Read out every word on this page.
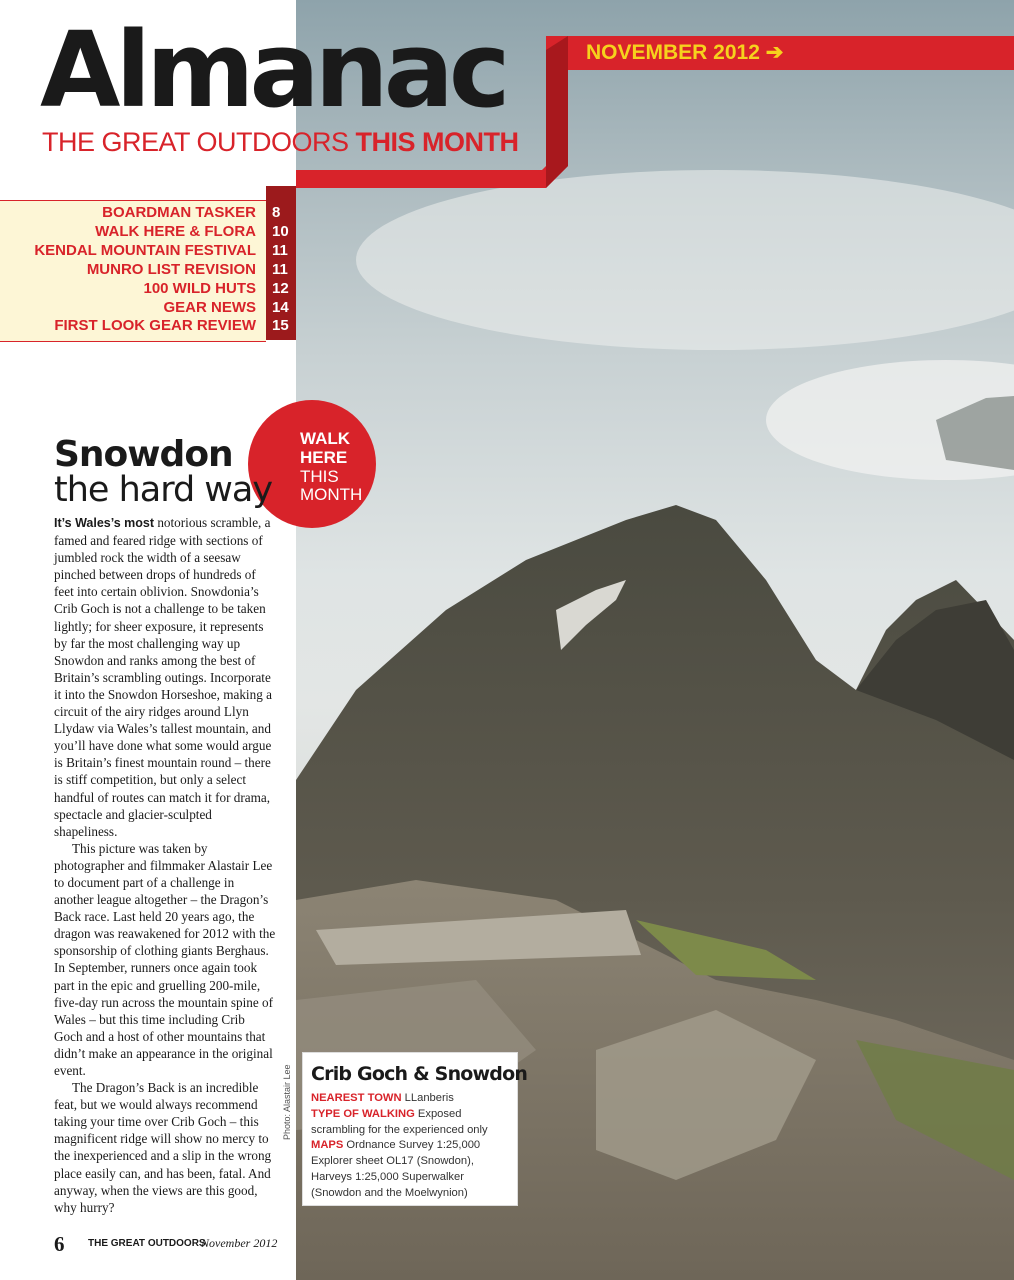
NOVEMBER 2012 ➔
Almanac
THE GREAT OUTDOORS THIS MONTH
BOARDMAN TASKER 8
WALK HERE & FLORA 10
KENDAL MOUNTAIN FESTIVAL 11
MUNRO LIST REVISION 11
100 WILD HUTS 12
GEAR NEWS 14
FIRST LOOK GEAR REVIEW 15
WALK
HERE
THIS
MONTH
Snowdon
the hard way

It’s Wales’s most notorious scramble, a famed and feared ridge with sections of jumbled rock the width of a seesaw pinched between drops of hundreds of feet into certain oblivion. Snowdonia’s Crib Goch is not a challenge to be taken lightly; for sheer exposure, it represents by far the most challenging way up Snowdon and ranks among the best of Britain’s scrambling outings. Incorporate it into the Snowdon Horseshoe, making a circuit of the airy ridges around Llyn Llydaw via Wales’s tallest mountain, and you’ll have done what some would argue is Britain’s finest mountain round – there is stiff competition, but only a select handful of routes can match it for drama, spectacle and glacier-sculpted shapeliness.

This picture was taken by photographer and filmmaker Alastair Lee to document part of a challenge in another league altogether – the Dragon’s Back race. Last held 20 years ago, the dragon was reawakened for 2012 with the sponsorship of clothing giants Berghaus. In September, runners once again took part in the epic and gruelling 200-mile, five-day run across the mountain spine of Wales – but this time including Crib Goch and a host of other mountains that didn’t make an appearance in the original event.

The Dragon’s Back is an incredible feat, but we would always recommend taking your time over Crib Goch – this magnificent ridge will show no mercy to the inexperienced and a slip in the wrong place easily can, and has been, fatal. And anyway, when the views are this good, why hurry?

Photo: Alastair Lee
6 THE GREAT OUTDOORS
November 2012
Crib Goch & Snowdon
NEAREST TOWN LLanberis
TYPE OF WALKING Exposed scrambling for the experienced only
MAPS Ordnance Survey 1:25,000 Explorer sheet OL17 (Snowdon), Harveys 1:25,000 Superwalker (Snowdon and the Moelwynion)
